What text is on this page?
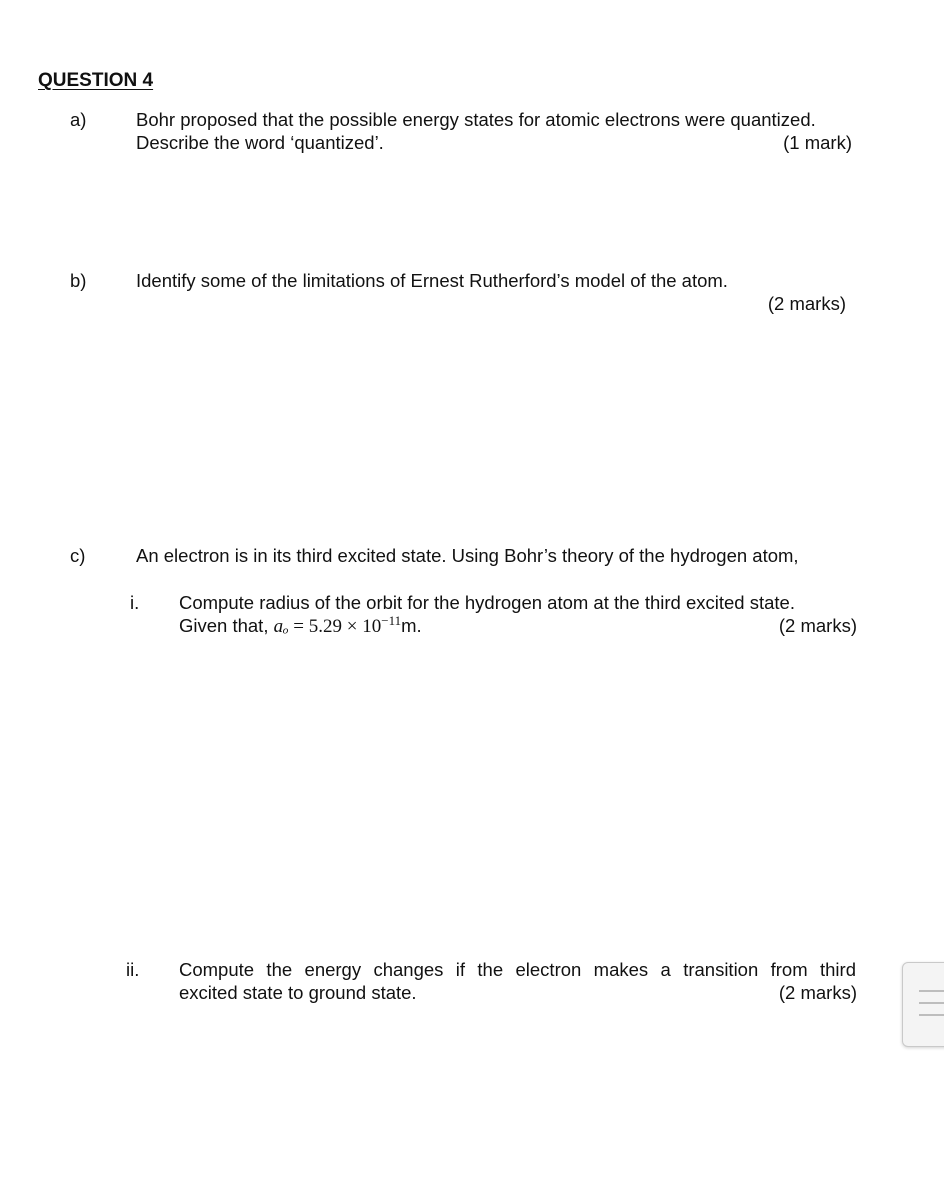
QUESTION 4
a)	Bohr proposed that the possible energy states for atomic electrons were quantized.
Describe the word ‘quantized’.	(1 mark)
b)	Identify some of the limitations of Ernest Rutherford’s model of the atom.
(2 marks)
c)	An electron is in its third excited state. Using Bohr’s theory of the hydrogen atom,
i. Compute radius of the orbit for the hydrogen atom at the third excited state.
Given that, $a_o = 5.29 \times 10^{-11}m$.	(2 marks)
ii. Compute the energy changes if the electron makes a transition from third
excited state to ground state.	(2 marks)
